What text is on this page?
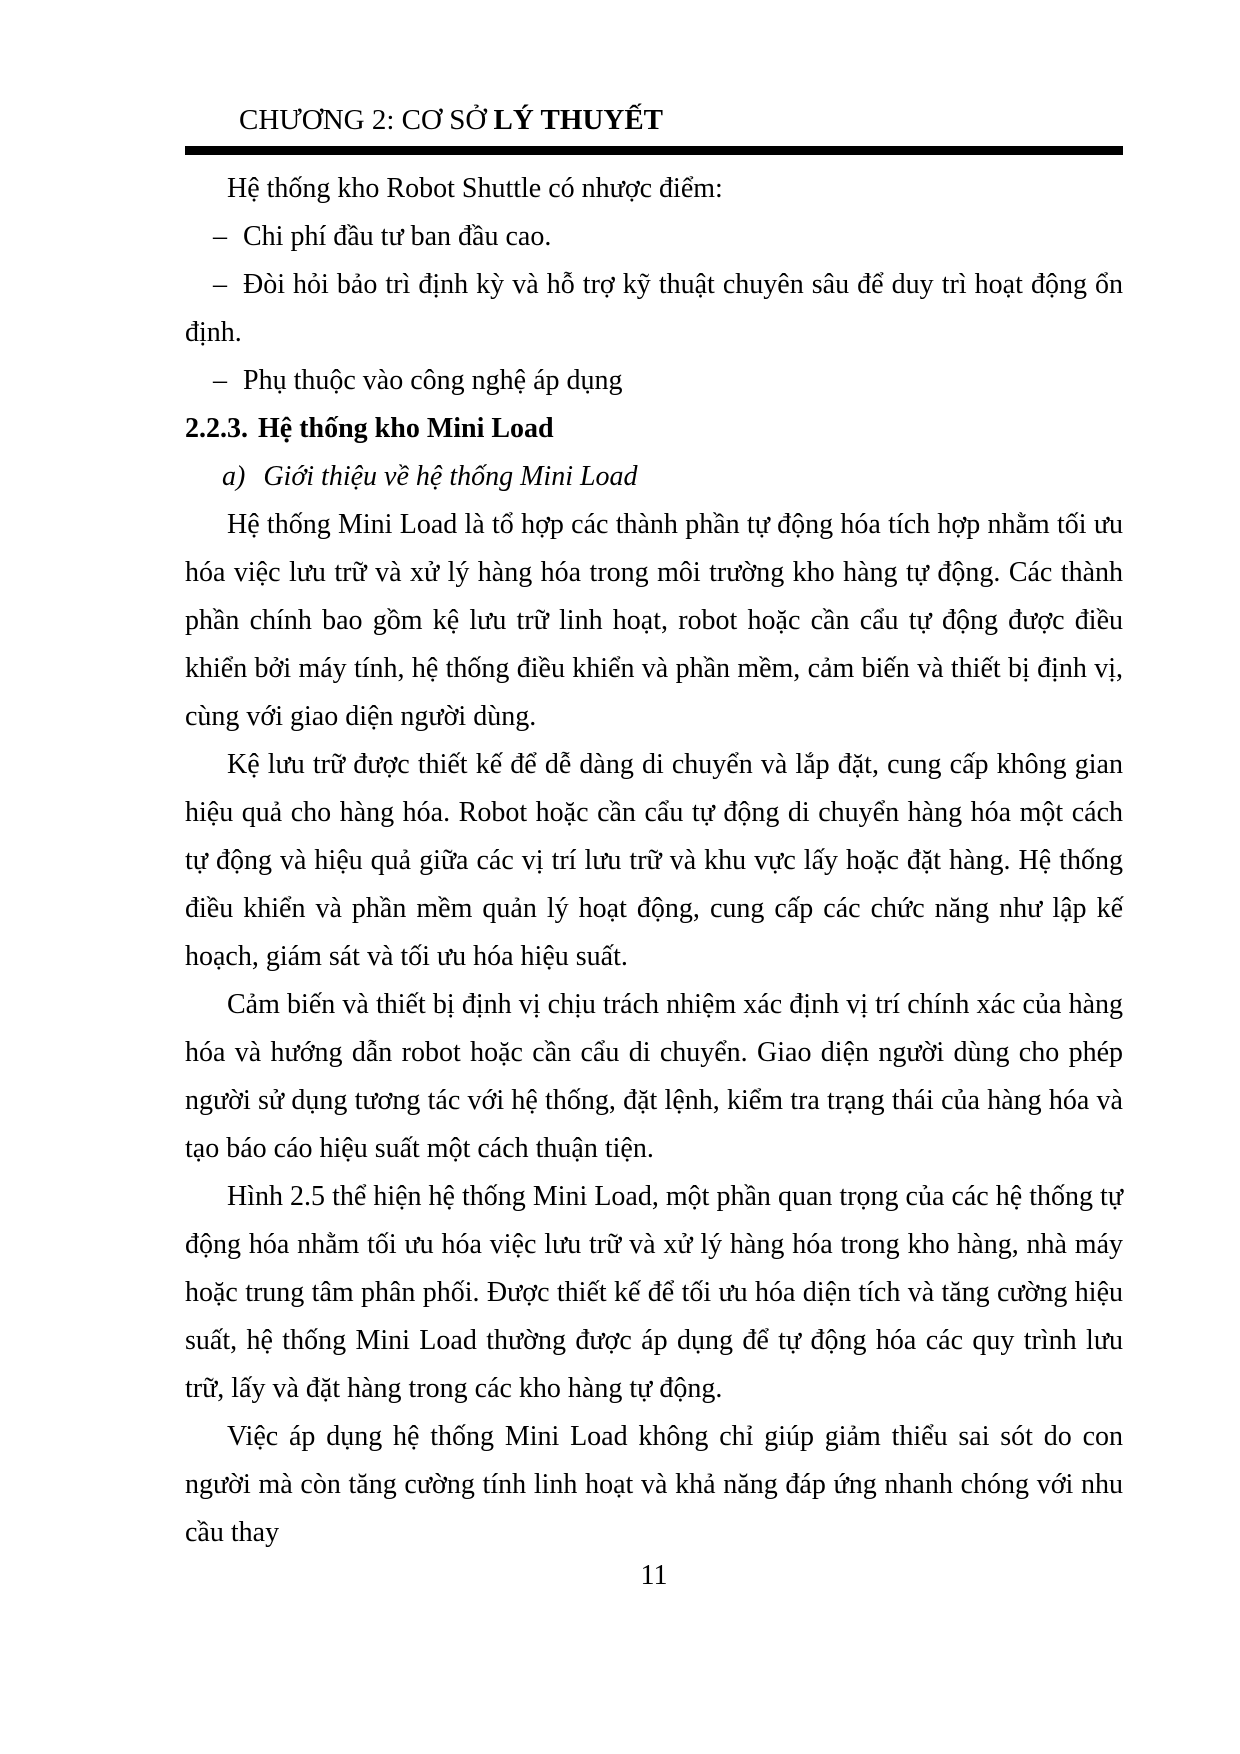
CHƯƠNG 2: CƠ SỞ LÝ THUYẾT

Hệ thống kho Robot Shuttle có nhược điểm:

– Chi phí đầu tư ban đầu cao.

– Đòi hỏi bảo trì định kỳ và hỗ trợ kỹ thuật chuyên sâu để duy trì hoạt động ổn định.

– Phụ thuộc vào công nghệ áp dụng

2.2.3. Hệ thống kho Mini Load

a) Giới thiệu về hệ thống Mini Load

Hệ thống Mini Load là tổ hợp các thành phần tự động hóa tích hợp nhằm tối ưu hóa việc lưu trữ và xử lý hàng hóa trong môi trường kho hàng tự động. Các thành phần chính bao gồm kệ lưu trữ linh hoạt, robot hoặc cần cẩu tự động được điều khiển bởi máy tính, hệ thống điều khiển và phần mềm, cảm biến và thiết bị định vị, cùng với giao diện người dùng.

Kệ lưu trữ được thiết kế để dễ dàng di chuyển và lắp đặt, cung cấp không gian hiệu quả cho hàng hóa. Robot hoặc cần cẩu tự động di chuyển hàng hóa một cách tự động và hiệu quả giữa các vị trí lưu trữ và khu vực lấy hoặc đặt hàng. Hệ thống điều khiển và phần mềm quản lý hoạt động, cung cấp các chức năng như lập kế hoạch, giám sát và tối ưu hóa hiệu suất.

Cảm biến và thiết bị định vị chịu trách nhiệm xác định vị trí chính xác của hàng hóa và hướng dẫn robot hoặc cần cẩu di chuyển. Giao diện người dùng cho phép người sử dụng tương tác với hệ thống, đặt lệnh, kiểm tra trạng thái của hàng hóa và tạo báo cáo hiệu suất một cách thuận tiện.

Hình 2.5 thể hiện hệ thống Mini Load, một phần quan trọng của các hệ thống tự động hóa nhằm tối ưu hóa việc lưu trữ và xử lý hàng hóa trong kho hàng, nhà máy hoặc trung tâm phân phối. Được thiết kế để tối ưu hóa diện tích và tăng cường hiệu suất, hệ thống Mini Load thường được áp dụng để tự động hóa các quy trình lưu trữ, lấy và đặt hàng trong các kho hàng tự động.

Việc áp dụng hệ thống Mini Load không chỉ giúp giảm thiểu sai sót do con người mà còn tăng cường tính linh hoạt và khả năng đáp ứng nhanh chóng với nhu cầu thay

11
